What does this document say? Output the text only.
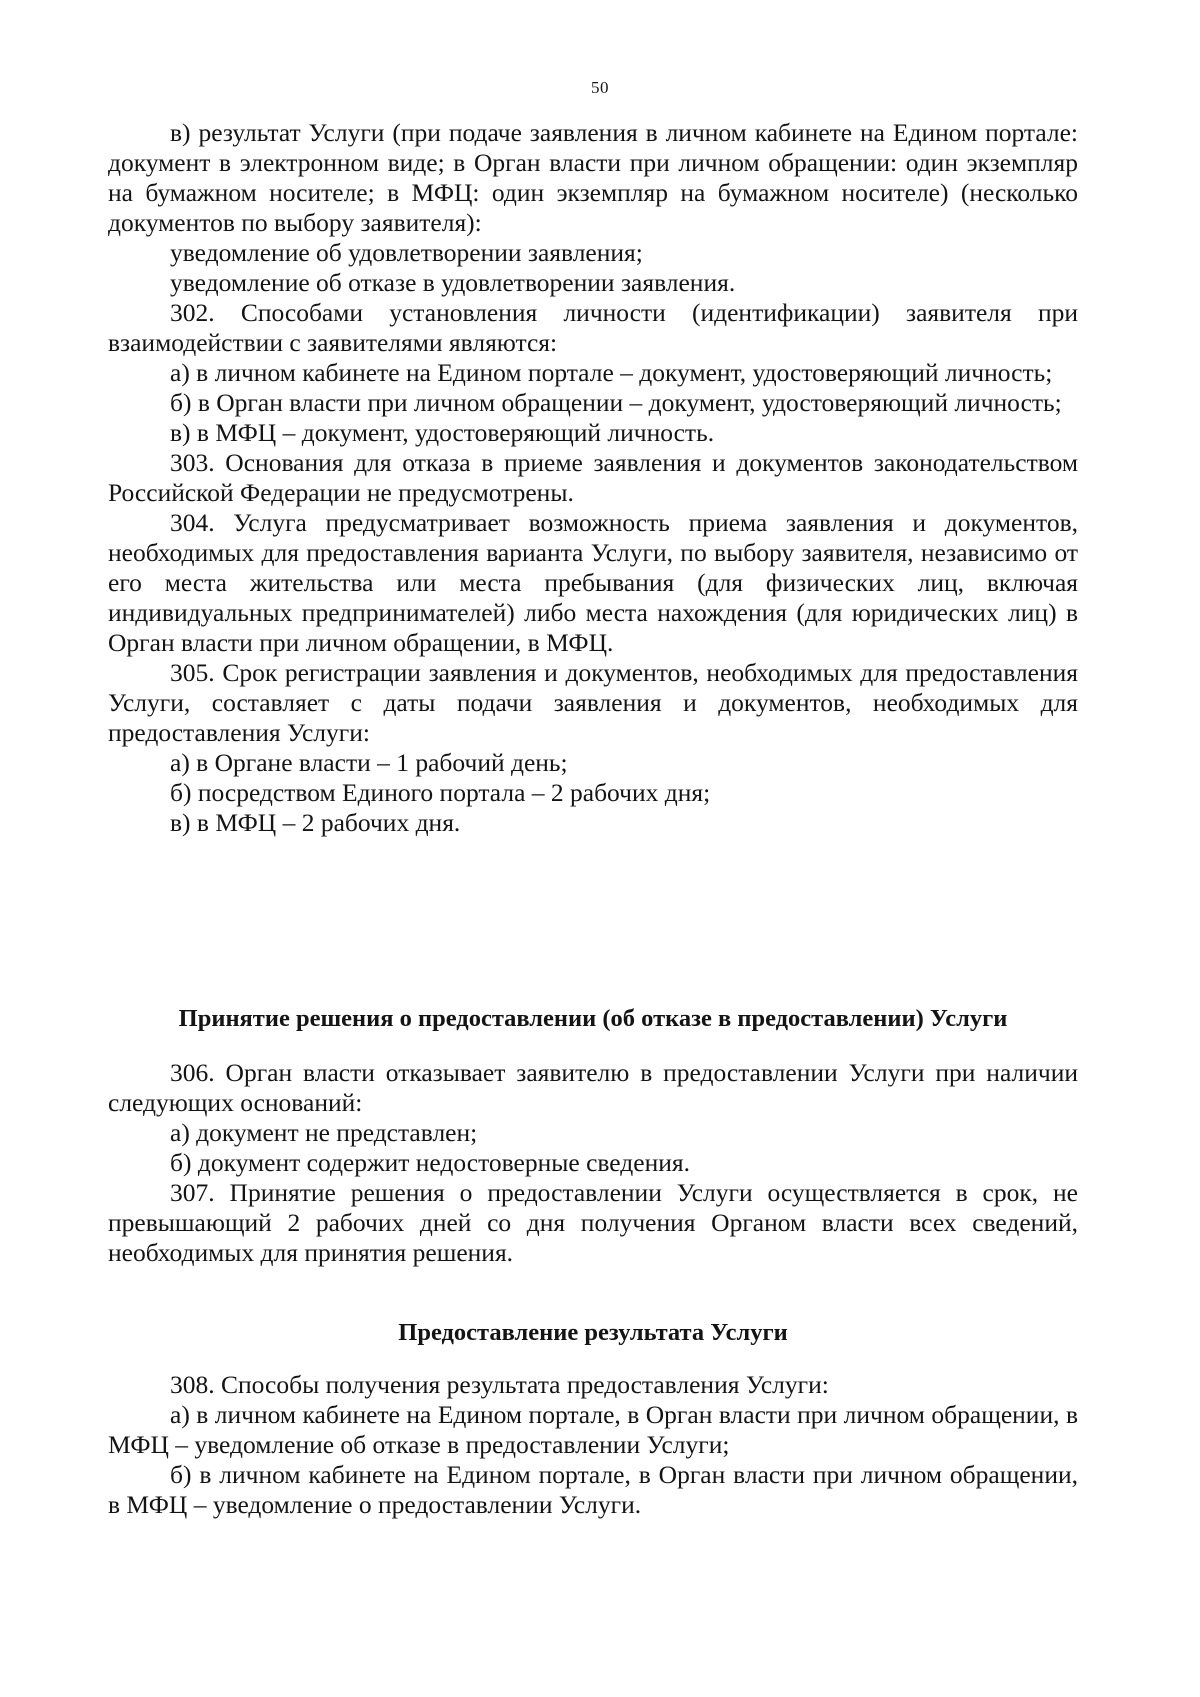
50

в) результат Услуги (при подаче заявления в личном кабинете на Едином портале: документ в электронном виде; в Орган власти при личном обращении: один экземпляр на бумажном носителе; в МФЦ: один экземпляр на бумажном носителе) (несколько документов по выбору заявителя):

уведомление об удовлетворении заявления;

уведомление об отказе в удовлетворении заявления.

302. Способами установления личности (идентификации) заявителя при взаимодействии с заявителями являются:

а) в личном кабинете на Едином портале – документ, удостоверяющий личность;

б) в Орган власти при личном обращении – документ, удостоверяющий личность;

в) в МФЦ – документ, удостоверяющий личность.

303. Основания для отказа в приеме заявления и документов законодательством Российской Федерации не предусмотрены.

304. Услуга предусматривает возможность приема заявления и документов, необходимых для предоставления варианта Услуги, по выбору заявителя, независимо от его места жительства или места пребывания (для физических лиц, включая индивидуальных предпринимателей) либо места нахождения (для юридических лиц) в Орган власти при личном обращении, в МФЦ.

305. Срок регистрации заявления и документов, необходимых для предоставления Услуги, составляет с даты подачи заявления и документов, необходимых для предоставления Услуги:

а) в Органе власти – 1 рабочий день;

б) посредством Единого портала – 2 рабочих дня;

в) в МФЦ – 2 рабочих дня.

Принятие решения о предоставлении (об отказе в предоставлении) Услуги

306. Орган власти отказывает заявителю в предоставлении Услуги при наличии следующих оснований:

а) документ не представлен;

б) документ содержит недостоверные сведения.

307. Принятие решения о предоставлении Услуги осуществляется в срок, не превышающий 2 рабочих дней со дня получения Органом власти всех сведений, необходимых для принятия решения.

Предоставление результата Услуги

308. Способы получения результата предоставления Услуги:

а) в личном кабинете на Едином портале, в Орган власти при личном обращении, в МФЦ – уведомление об отказе в предоставлении Услуги;

б) в личном кабинете на Едином портале, в Орган власти при личном обращении, в МФЦ – уведомление о предоставлении Услуги.
